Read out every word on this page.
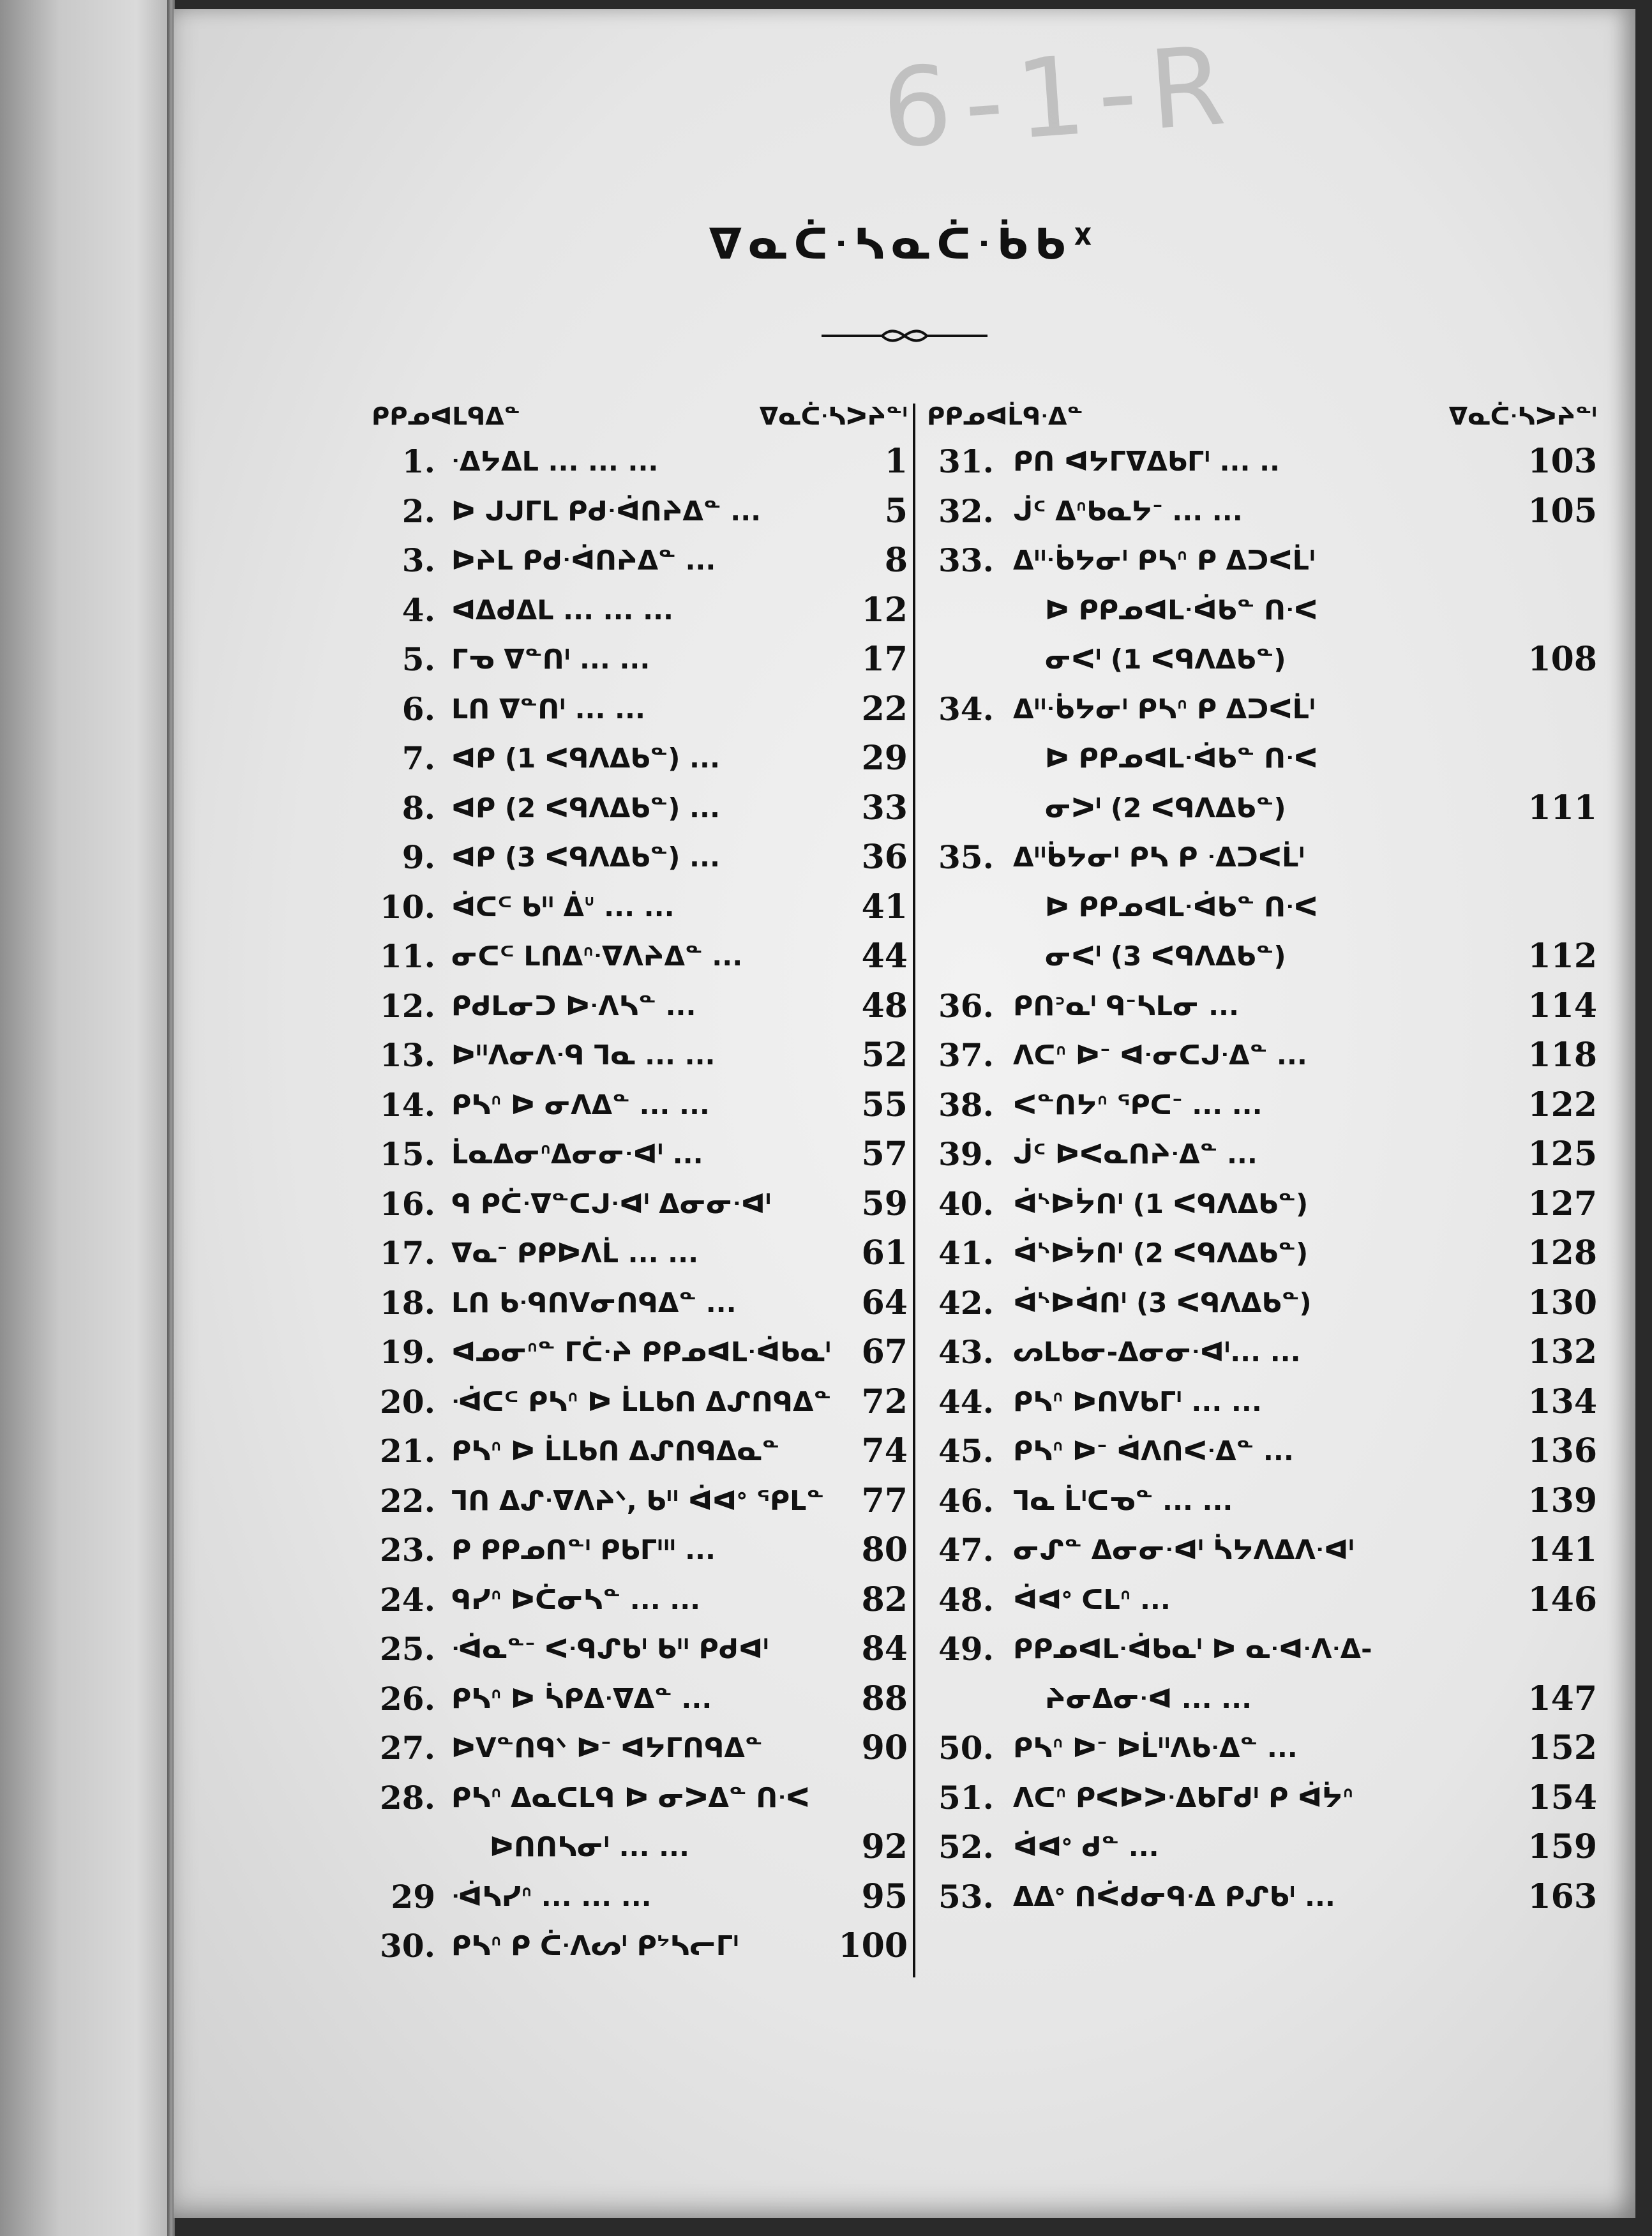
6-1-R
ᐁᓇᑖᐧᓴᓇᑖᐧᑳᑲᕽ
ᑭᑭᓄᐊᒪᑫᐃᓐ	ᐁᓇᑖᐧᓴᐳᔨᓐᑊ
1. ᐧᐃᔭᐃᒪ ... ... ...	1
2. ᐅ ᒍᒍᒥᒪ ᑭᑯᐧᐋᑎᔨᐃᓐ ...	5
3. ᐅᔨᒪ ᑭᑯᐧᐋᑎᔨᐃᓐ ...	8
4. ᐊᐃᑯᐃᒪ ... ... ...	12
5. ᒥᓀ ᐁᓐᑎᑊ ... ...	17
6. ᒪᑎ ᐁᓐᑎᑊ ... ...	22
7. ᐊᑭ (1 ᐸᑫᐱᐃᑲᓐ) ...	29
8. ᐊᑭ (2 ᐸᑫᐱᐃᑲᓐ) ...	33
9. ᐊᑭ (3 ᐸᑫᐱᐃᑲᓐ) ...	36
10. ᐋᑕᒼ ᑲᐦ ᐄᐡ ... ...	41
11. ᓂᑕᒼ ᒪᑎᐃᐢᐧᐁᐱᔨᐃᓐ ...	44
12. ᑭᑯᒪᓂᑐ ᐅᐧᐱᓴᓐ ...	48
13. ᐅᐦᐱᓂᐱᐧᑫ ᒣᓇ ... ...	52
14. ᑭᓴᐢ ᐅ ᓂᐱᐃᓐ ... ...	55
15. ᒫᓇᐃᓂᐢᐃᓂᓂᐧᐊᑊ ...	57
16. ᑫ ᑭᑖᐧᐁᓐᑕᒍᐧᐊᑊ ᐃᓂᓂᐧᐊᑊ	59
17. ᐁᓇᐨ ᑭᑭᐅᐱᒫ ... ...	61
18. ᒪᑎ ᑲᐧᑫᑎᐯᓂᑎᑫᐃᓐ ...	64
19. ᐊᓄᓂᐢᓐ ᒥᑖᐧᔨ ᑭᑭᓄᐊᒪᐧᐋᑲᓇᑊ 67
20. ᐙᑕᒼ ᑭᓴᐢ ᐅ ᒫᒪᑲᑎ ᐃᔑᑎᑫᐃᓐ 72
21. ᑭᓴᐢ ᐅ ᒫᒪᑲᑎ ᐃᔑᑎᑫᐃᓇᓐ 74
22. ᒣᑎ ᐃᔑᐧᐁᐱᔨᐠ, ᑲᐦ ᐋᐊᐤ ᕿᒪᓐ 77
23. ᑭ ᑭᑭᓄᑎᓐᑊ ᑭᑲᒥᐦᑊ ...	80
24. ᑫᓯᐢ ᐅᑖᓂᓴᓐ ... ...	82
25. ᐙᓇᓐᐨ ᐸᐧᑫᔑᑲᑊ ᑲᐦ ᑭᑯᐊᑊ	84
26. ᑭᓴᐢ ᐅ ᓵᑭᐃᐧᐁᐃᓐ ...	88
27. ᐅᐯᓐᑎᑫᐠ ᐅᐨ ᐊᔭᒥᑎᑫᐃᓐ	90
28. ᑭᓴᐢ ᐃᓇᑕᒪᑫ ᐅ ᓂᐳᐃᓐ ᑎᐧᐸ
ᐅᑎᑎᓴᓂᑊ ... ...	92
29 ᐙᓴᓯᐢ ... ... ...	95
30. ᑭᓴᐢ ᑭ ᑖᐧᐱᔕᑊ ᑭᔾᓴᓕᒥᑊ	100
ᑭᑭᓄᐊᒫᑫᐧᐃᓐ	ᐁᓇᑖᐧᓴᐳᔨᓐᑊ
31. ᑭᑎ ᐊᔭᒥᐁᐃᑲᒥᑊ ... ..	103
32. ᒎᑦ ᐃᐢᑲᓇᔭᐨ ... ...	105
33. ᐃᐦᐧᑳᔭᓂᑊ ᑭᓴᐢ ᑭ ᐃᑐᐸᒫᑊ
ᐅ ᑭᑭᓄᐊᒪᐧᐋᑲᓐ ᑎᐧᐸ
ᓂᐸᑊ (1 ᐸᑫᐱᐃᑲᓐ)	108
34. ᐃᐦᐧᑳᔭᓂᑊ ᑭᓴᐢ ᑭ ᐃᑐᐸᒫᑊ
ᐅ ᑭᑭᓄᐊᒪᐧᐋᑲᓐ ᑎᐧᐸ
ᓂᐳᑊ (2 ᐸᑫᐱᐃᑲᓐ)	111
35. ᐃᐦᑳᔭᓂᑊ ᑭᓴ ᑭ ᐧᐃᑐᐸᒫᑊ
ᐅ ᑭᑭᓄᐊᒪᐧᐋᑲᓐ ᑎᐧᐸ
ᓂᐸᑊ (3 ᐸᑫᐱᐃᑲᓐ)	112
36. ᑭᑎᐣᓇᑊ ᑫᐨᓴᒪᓂ ...	114
37. ᐱᑕᐢ ᐅᐨ ᐊᐧᓂᑕᒍᐧᐃᓐ ...	118
38. ᐸᓐᑎᔭᐢ ᕿᑕᐨ ... ...	122
39. ᒎᑦ ᐅᐸᓇᑎᔨᐧᐃᓐ ...	125
40. ᐋᔅᐅᔮᑎᑊ (1 ᐸᑫᐱᐃᑲᓐ)	127
41. ᐋᔅᐅᔮᑎᑊ (2 ᐸᑫᐱᐃᑲᓐ)	128
42. ᐋᔅᐅᐋᑎᑊ (3 ᐸᑫᐱᐃᑲᓐ)	130
43. ᔕᒪᑲᓂ-ᐃᓂᓂᐧᐊᑊ... ...	132
44. ᑭᓴᐢ ᐅᑎᐯᑲᒥᑊ ... ...	134
45. ᑭᓴᐢ ᐅᐨ ᐋᐱᑎᐸᐧᐃᓐ ...	136
46. ᒣᓇ ᒫᑊᑕᓀᓐ ... ...	139
47. ᓂᔑᓐ ᐃᓂᓂᐧᐊᑊ ᓵᔭᐱᐃᐱᐧᐊᑊ	141
48. ᐋᐊᐤ ᑕᒪᐢ ...	146
49. ᑭᑭᓄᐊᒪᐧᐋᑲᓇᑊ ᐅ ᓇᐧᐊᐧᐱᐧᐃ-
ᔨᓂᐃᓂᐧᐊ ... ...	147
50. ᑭᓴᐢ ᐅᐨ ᐅᒫᐦᐱᑲᐧᐃᓐ ...	152
51. ᐱᑕᐢ ᑭᐸᐅᐳᐧᐃᑲᒥᑯᑊ ᑭ ᐋᔮᐢ	154
52. ᐋᐊᐤ ᑯᓐ ...	159
53. ᐃᐃᐤ ᑎᐹᑯᓂᑫᐧᐃ ᑭᔑᑲᑊ ...	163
